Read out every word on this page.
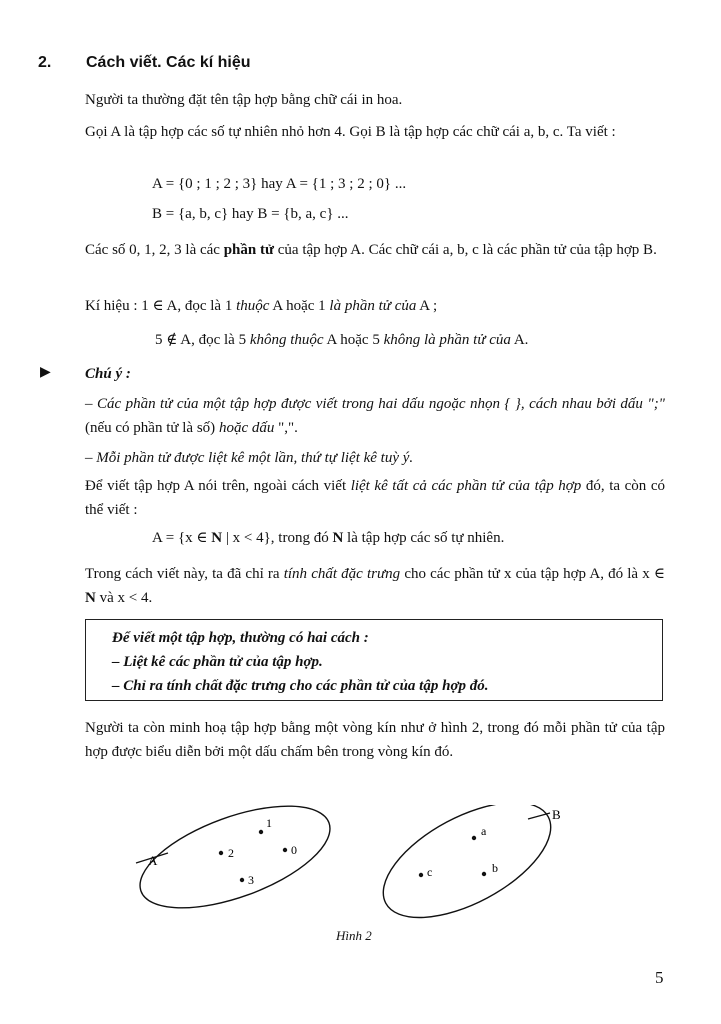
2. Cách viết. Các kí hiệu
Người ta thường đặt tên tập hợp bằng chữ cái in hoa.
Gọi A là tập hợp các số tự nhiên nhỏ hơn 4. Gọi B là tập hợp các chữ cái a, b, c. Ta viết :
A = {0 ; 1 ; 2 ; 3} hay A = {1 ; 3 ; 2 ; 0} ...
B = {a, b, c} hay B = {b, a, c} ...
Các số 0, 1, 2, 3 là các phần tử của tập hợp A. Các chữ cái a, b, c là các phần tử của tập hợp B.
Kí hiệu : 1 ∈ A, đọc là 1 thuộc A hoặc 1 là phần tử của A ;
5 ∉ A, đọc là 5 không thuộc A hoặc 5 không là phần tử của A.
▶ Chú ý :
– Các phần tử của một tập hợp được viết trong hai dấu ngoặc nhọn { }, cách nhau bởi dấu ";" (nếu có phần tử là số) hoặc dấu ",".
– Mỗi phần tử được liệt kê một lần, thứ tự liệt kê tuỳ ý.
Để viết tập hợp A nói trên, ngoài cách viết liệt kê tất cả các phần tử của tập hợp đó, ta còn có thể viết :
A = {x ∈ N | x < 4}, trong đó N là tập hợp các số tự nhiên.
Trong cách viết này, ta đã chỉ ra tính chất đặc trưng cho các phần tử x của tập hợp A, đó là x ∈ N và x < 4.
Để viết một tập hợp, thường có hai cách :
– Liệt kê các phần tử của tập hợp.
– Chỉ ra tính chất đặc trưng cho các phần tử của tập hợp đó.
Người ta còn minh hoạ tập hợp bằng một vòng kín như ở hình 2, trong đó mỗi phần tử của tập hợp được biểu diễn bởi một dấu chấm bên trong vòng kín đó.
A
1
2	0
3
B
a
c	b
Hình 2
5
